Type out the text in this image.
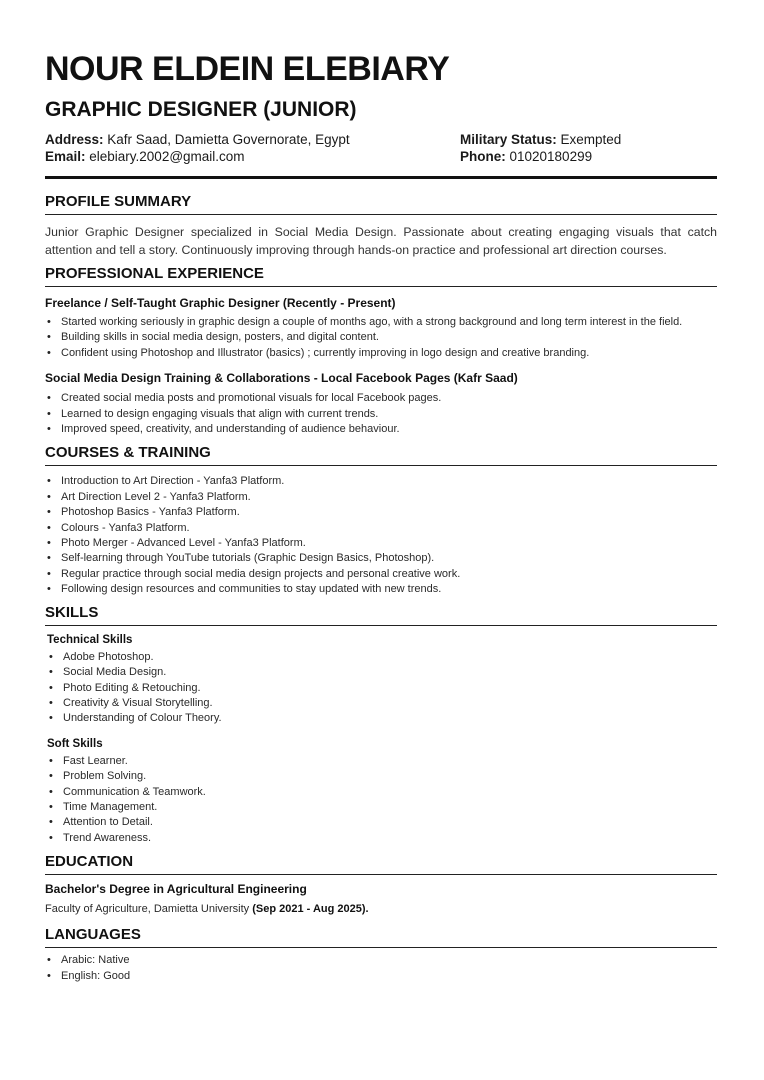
NOUR ELDEIN ELEBIARY
GRAPHIC DESIGNER (JUNIOR)
Address: Kafr Saad, Damietta Governorate, Egypt	Military Status: Exempted
Email: elebiary.2002@gmail.com	Phone: 01020180299
PROFILE SUMMARY

Junior Graphic Designer specialized in Social Media Design. Passionate about creating engaging visuals that catch attention and tell a story. Continuously improving through hands-on practice and professional art direction courses.

PROFESSIONAL EXPERIENCE
Freelance / Self-Taught Graphic Designer (Recently - Present)
• Started working seriously in graphic design a couple of months ago, with a strong background and long term interest in the field.
• Building skills in social media design, posters, and digital content.
• Confident using Photoshop and Illustrator (basics) ; currently improving in logo design and creative branding.
Social Media Design Training & Collaborations - Local Facebook Pages (Kafr Saad)
• Created social media posts and promotional visuals for local Facebook pages.
• Learned to design engaging visuals that align with current trends.
• Improved speed, creativity, and understanding of audience behaviour.
COURSES & TRAINING
• Introduction to Art Direction - Yanfa3 Platform.
• Art Direction Level 2 - Yanfa3 Platform.
• Photoshop Basics - Yanfa3 Platform.
• Colours - Yanfa3 Platform.
• Photo Merger - Advanced Level - Yanfa3 Platform.
• Self-learning through YouTube tutorials (Graphic Design Basics, Photoshop).
• Regular practice through social media design projects and personal creative work.
• Following design resources and communities to stay updated with new trends.
SKILLS
Technical Skills
• Adobe Photoshop.
• Social Media Design.
• Photo Editing & Retouching.
• Creativity & Visual Storytelling.
• Understanding of Colour Theory.
Soft Skills
• Fast Learner.
• Problem Solving.
• Communication & Teamwork.
• Time Management.
• Attention to Detail.
• Trend Awareness.
EDUCATION
Bachelor's Degree in Agricultural Engineering

Faculty of Agriculture, Damietta University (Sep 2021 - Aug 2025).

LANGUAGES
• Arabic: Native
• English: Good
